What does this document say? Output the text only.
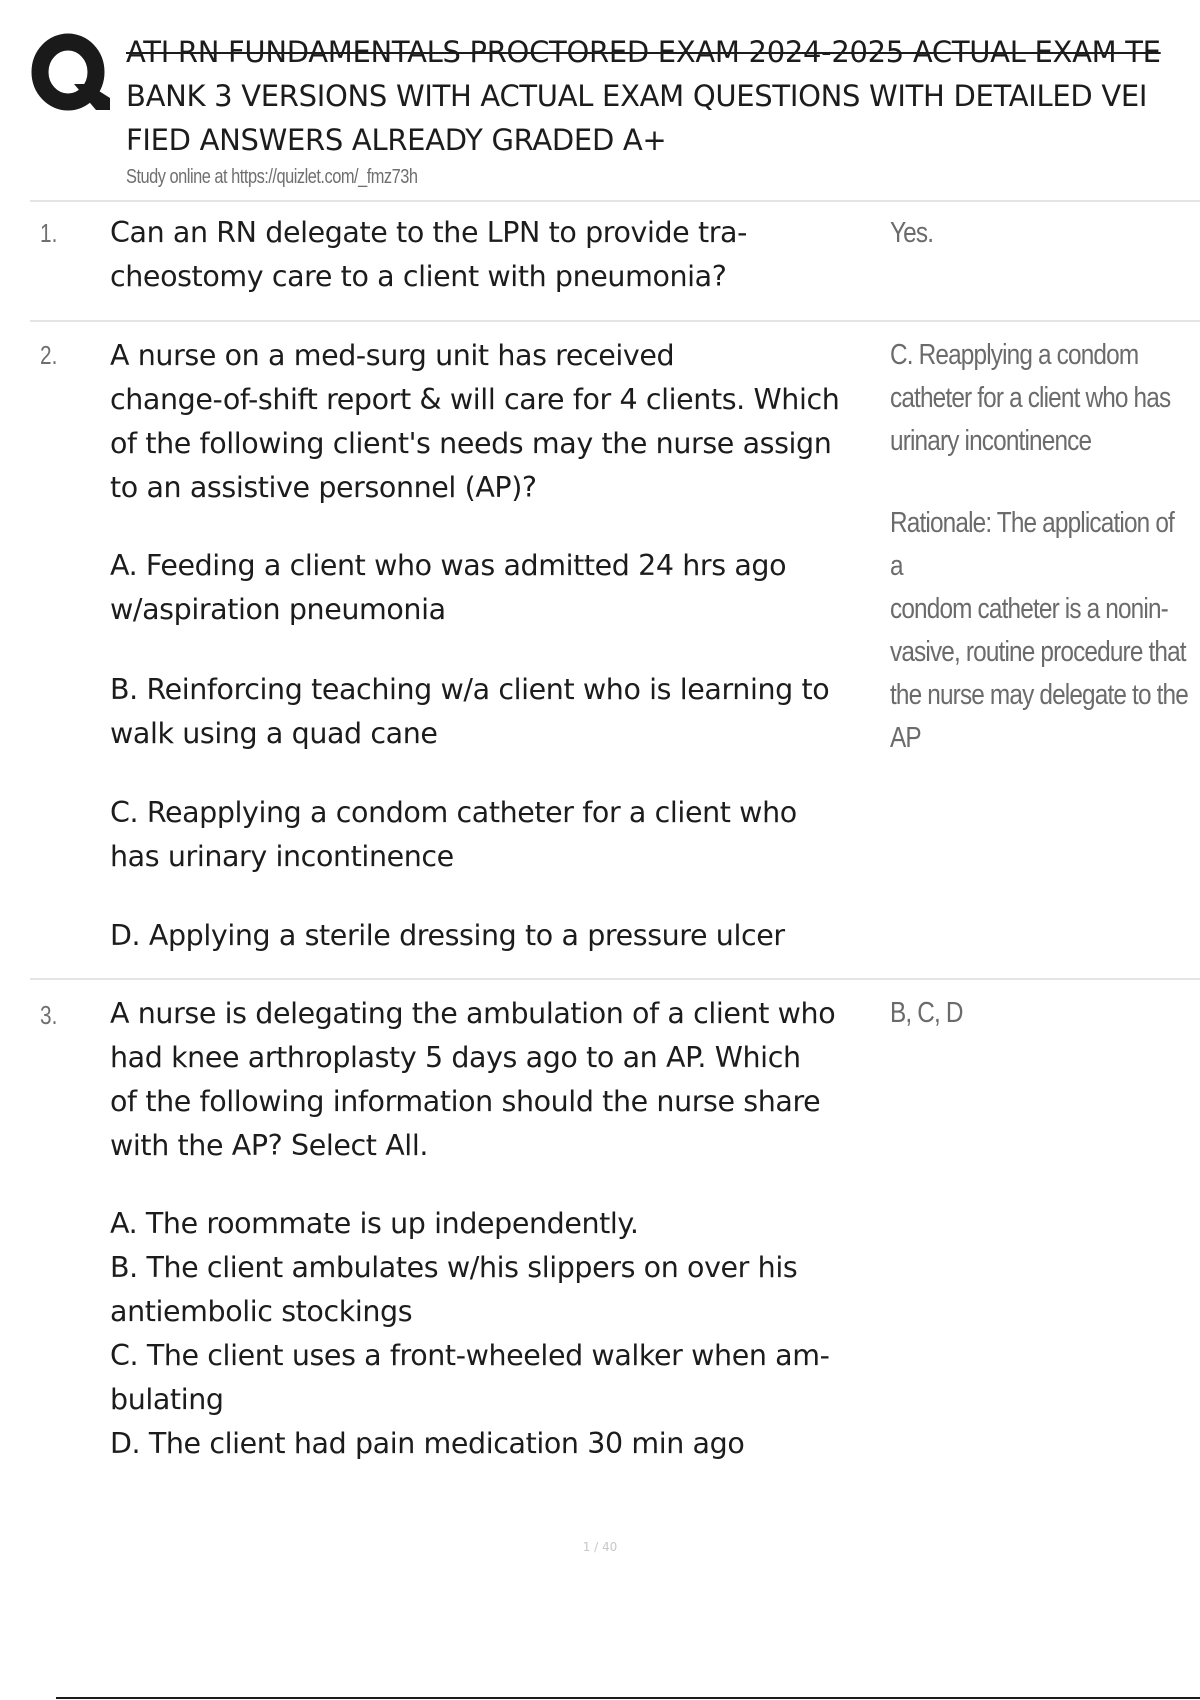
ATI RN FUNDAMENTALS PROCTORED EXAM 2024-2025 ACTUAL EXAM TE
BANK 3 VERSIONS WITH ACTUAL EXAM QUESTIONS WITH DETAILED VEI
FIED ANSWERS ALREADY GRADED A+
Study online at https://quizlet.com/_fmz73h
1. Can an RN delegate to the LPN to provide tra-

cheostomy care to a client with pneumonia?

Yes.

2. A nurse on a med-surg unit has received

change-of-shift report & will care for 4 clients. Which

of the following client's needs may the nurse assign

to an assistive personnel (AP)?

A. Feeding a client who was admitted 24 hrs ago

w/aspiration pneumonia

B. Reinforcing teaching w/a client who is learning to

walk using a quad cane

C. Reapplying a condom catheter for a client who

has urinary incontinence

D. Applying a sterile dressing to a pressure ulcer

C. Reapplying a condom

catheter for a client who has

urinary incontinence

Rationale: The application of a

condom catheter is a nonin-

vasive, routine procedure that

the nurse may delegate to the

AP

3. A nurse is delegating the ambulation of a client who

had knee arthroplasty 5 days ago to an AP. Which

of the following information should the nurse share

with the AP? Select All.

A. The roommate is up independently.

B. The client ambulates w/his slippers on over his

antiembolic stockings

C. The client uses a front-wheeled walker when am-

bulating

D. The client had pain medication 30 min ago

B, C, D

1 / 40
